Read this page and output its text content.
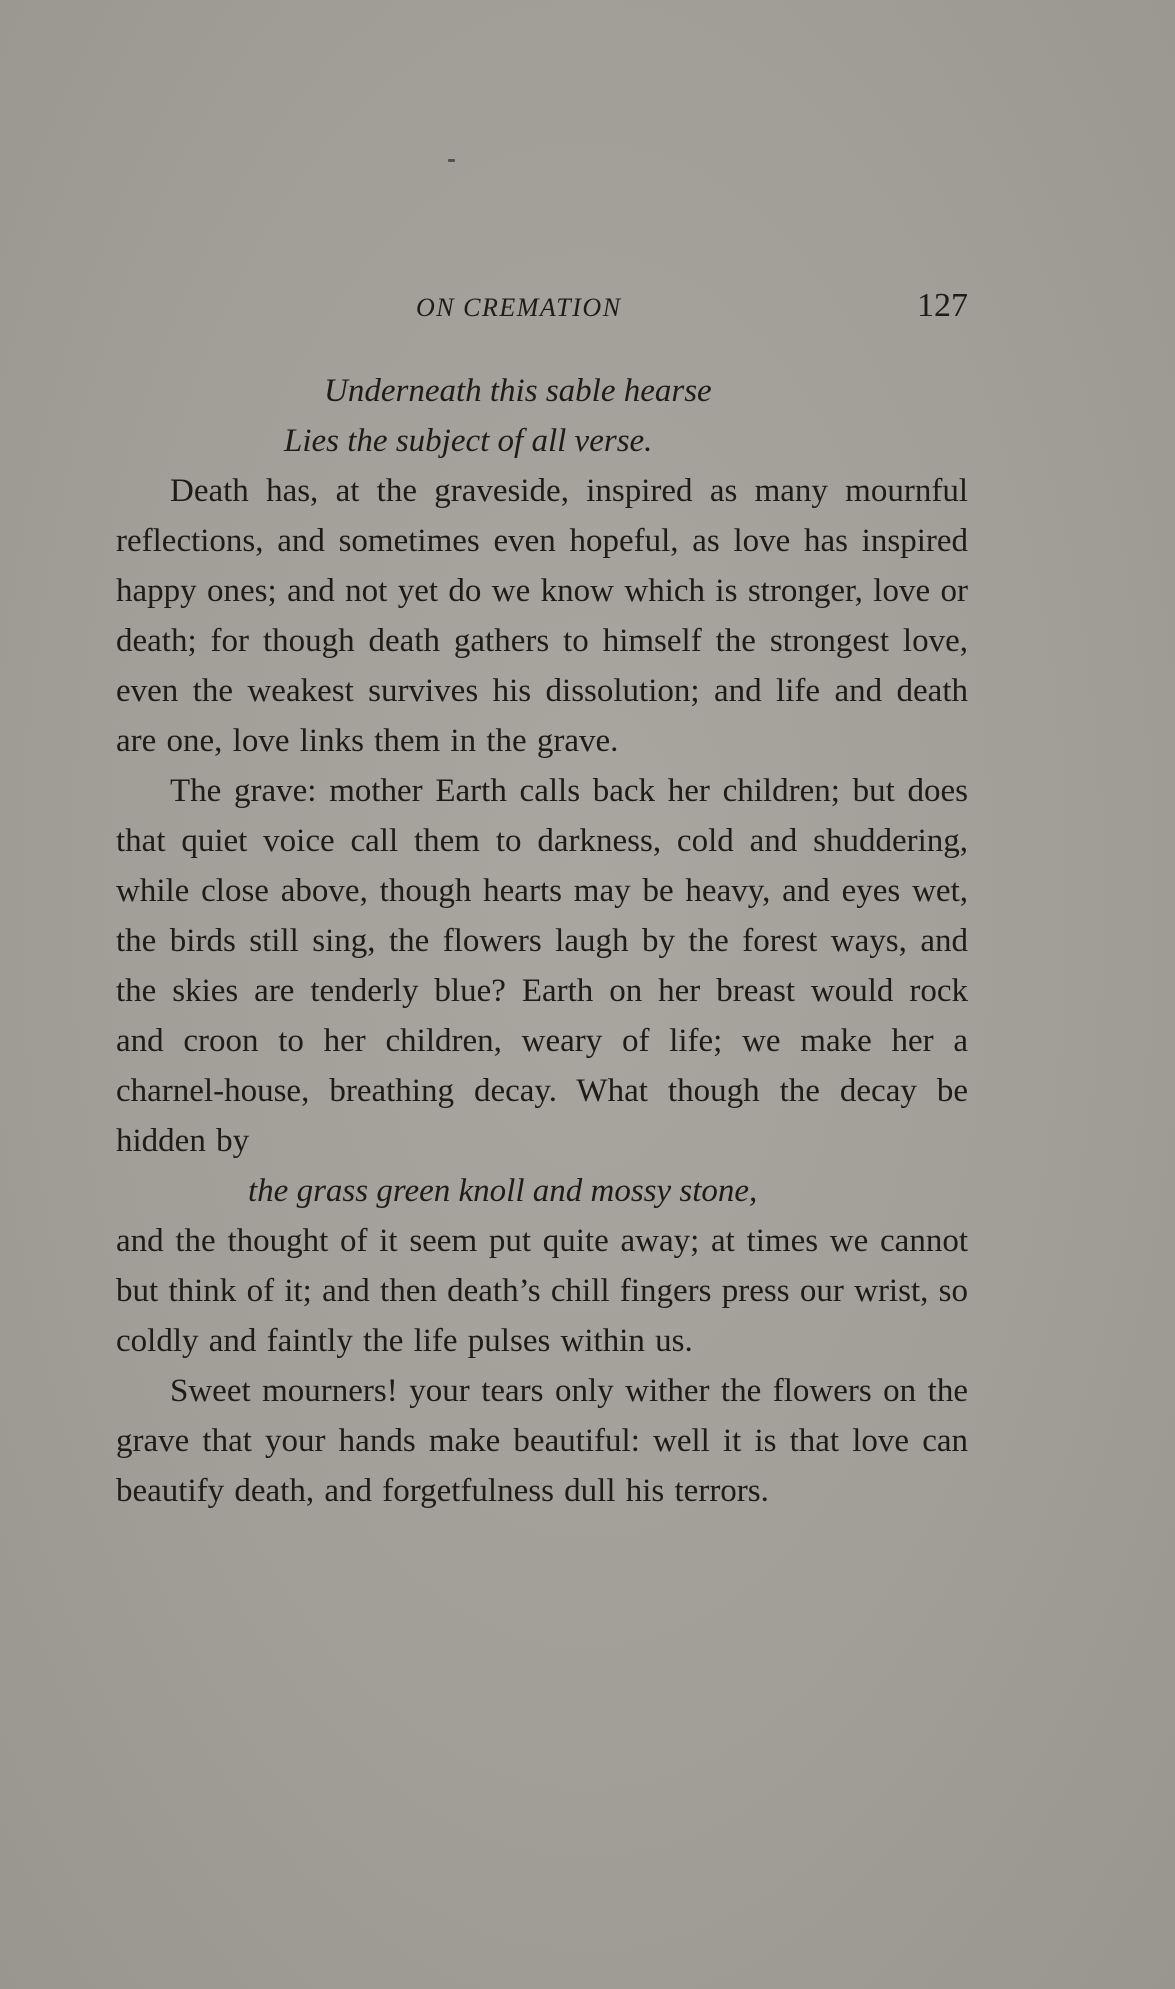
ON CREMATION	127

Underneath this sable hearse

Lies the subject of all verse.

Death has, at the graveside, inspired as many mournful reflections, and sometimes even hopeful, as love has inspired happy ones; and not yet do we know which is stronger, love or death; for though death gathers to himself the strongest love, even the weakest survives his dissolution; and life and death are one, love links them in the grave.

The grave: mother Earth calls back her children; but does that quiet voice call them to darkness, cold and shuddering, while close above, though hearts may be heavy, and eyes wet, the birds still sing, the flowers laugh by the forest ways, and the skies are tenderly blue? Earth on her breast would rock and croon to her children, weary of life; we make her a charnel-house, breathing decay. What though the decay be hidden by

the grass green knoll and mossy stone,

and the thought of it seem put quite away; at times we cannot but think of it; and then death’s chill fingers press our wrist, so coldly and faintly the life pulses within us.

Sweet mourners! your tears only wither the flowers on the grave that your hands make beautiful: well it is that love can beautify death, and forgetfulness dull his terrors.
